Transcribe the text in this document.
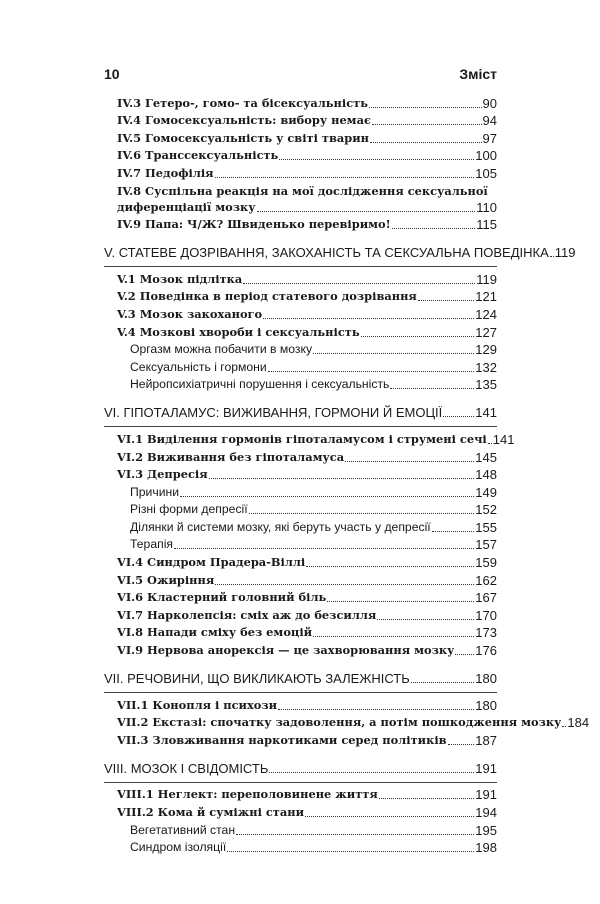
10	Зміст
IV.3 Гетеро-, гомо- та бісексуальність	90
IV.4 Гомосексуальність: вибору немає	94
IV.5 Гомосексуальність у світі тварин	97
IV.6 Транссексуальність	100
IV.7 Педофілія	105
IV.8 Суспільна реакція на мої дослідження сексуальної
диференціації мозку	110
IV.9 Папа: Ч/Ж? Швиденько перевіримо!	115
V. СТАТЕВЕ ДОЗРІВАННЯ, ЗАКОХАНІСТЬ ТА СЕКСУАЛЬНА ПОВЕДІНКА 119
V.1 Мозок підлітка	119
V.2 Поведінка в період статевого дозрівання	121
V.3 Мозок закоханого	124
V.4 Мозкові хвороби і сексуальність	127
Оргазм можна побачити в мозку	129
Сексуальність і гормони	132
Нейропсихіатричні порушення і сексуальність	135
VI. ГІПОТАЛАМУС: ВИЖИВАННЯ, ГОРМОНИ Й ЕМОЦІЇ	141
VI.1 Виділення гормонів гіпоталамусом і струмені сечі 141
VI.2 Виживання без гіпоталамуса	145
VI.3 Депресія	148
Причини	149
Різні форми депресії	152
Ділянки й системи мозку, які беруть участь у депресії	155
Терапія	157
VI.4 Синдром Прадера-Віллі	159
VI.5 Ожиріння	162
VI.6 Кластерний головний біль	167
VI.7 Нарколепсія: сміх аж до безсилля	170
VI.8 Напади сміху без емоцій	173
VI.9 Нервова анорексія — це захворювання мозку 176
VII. РЕЧОВИНИ, ЩО ВИКЛИКАЮТЬ ЗАЛЕЖНІСТЬ	180
VII.1 Конопля і психози	180
VII.2 Екстазі: спочатку задоволення, а потім пошкодження мозку 184
VII.3 Зловживання наркотиками серед політиків 187
VIII. МОЗОК І СВІДОМІСТЬ	191
VIII.1 Неглект: переполовинене життя	191
VIII.2 Кома й суміжні стани	194
Вегетативний стан	195
Синдром ізоляції	198
